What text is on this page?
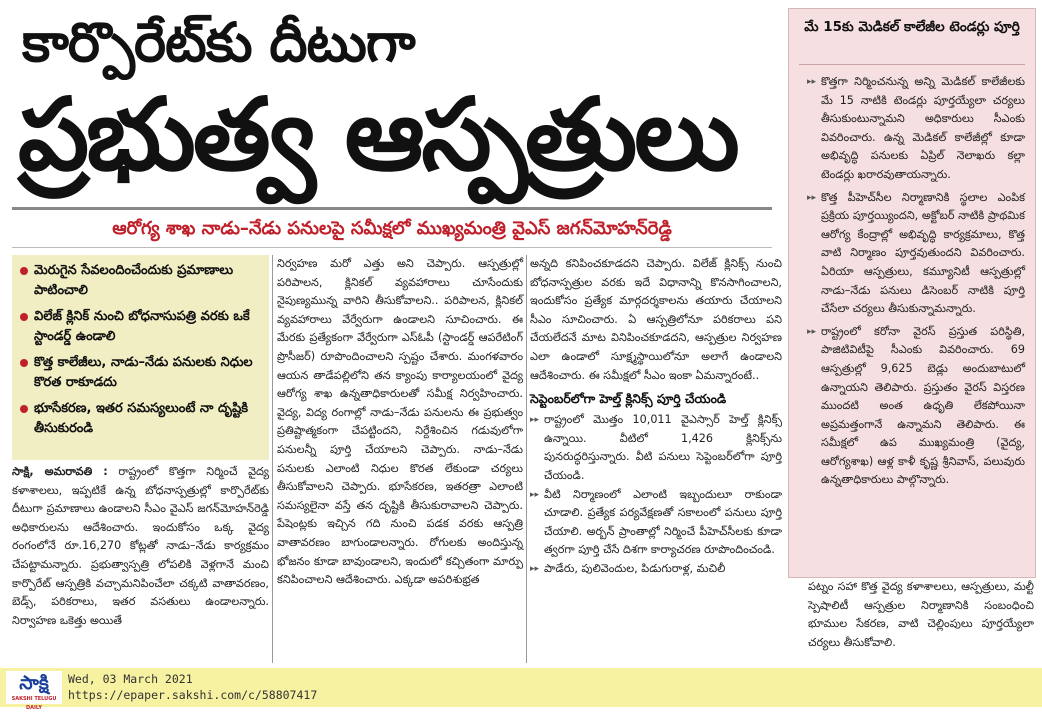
కార్పొరేట్‌కు దీటుగా
ప్రభుత్వ ఆస్పత్రులు
ఆరోగ్య శాఖ నాడు–నేడు పనులపై సమీక్షలో ముఖ్యమంత్రి వైఎస్‌ జగన్‌మోహన్‌రెడ్డి
మెరుగైన సేవలందించేందుకు ప్రమాణాలు పాటించాలి
విలేజ్‌ క్లినిక్‌ నుంచి బోధనాసుపత్రి వరకు ఒకే స్టాండర్డ్‌ ఉండాలి
కొత్త కాలేజీలు, నాడు–నేడు పనులకు నిధుల కొరత రాకూడదు
భూసేకరణ, ఇతర సమస్యలుంటే నా దృష్టికి తీసుకురండి

సాక్షి, అమరావతి : రాష్ట్రంలో కొత్తగా నిర్మించే వైద్య కళాశాలలు, ఇప్పటికే ఉన్న బోధనాస్పత్రుల్లో కార్పొరేట్‌కు దీటుగా ప్రమాణాలు ఉండాలని సీఎం వైఎస్‌ జగన్‌మోహన్‌రెడ్డి అధికారులను ఆదేశించారు. ఇందుకోసం ఒక్క వైద్య రంగంలోనే రూ.16,270 కోట్లతో నాడు–నేడు కార్యక్రమం చేపట్టామన్నారు. ప్రభుత్వాస్పత్రి లోపలికి వెళ్లగానే మంచి కార్పొరేట్‌ ఆస్పత్రికి వచ్చామనిపించేలా చక్కటి వాతావరణం, బెడ్స్‌, పరికరాలు, ఇతర వసతులు ఉండాలన్నారు. నిర్వాహణ ఒకెత్తు అయితే

నిర్వహణ మరో ఎత్తు అని చెప్పారు. ఆస్పత్రుల్లో పరిపాలన, క్లినికల్‌ వ్యవహారాలు చూసేందుకు నైపుణ్యమున్న వారిని తీసుకోవాలని.. పరిపాలన, క్లినికల్‌ వ్యవహారాలు వేర్వేరుగా ఉండాలని సూచించారు. ఈ మేరకు ప్రత్యేకంగా వేర్వేరుగా ఎస్‌ఓపీ (స్టాండర్డ్‌ ఆపరేటింగ్‌ ప్రొసీజర్‌) రూపొందించాలని స్పష్టం చేశారు. మంగళవారం ఆయన తాడేపల్లిలోని తన క్యాంపు కార్యాలయంలో వైద్య ఆరోగ్య శాఖ ఉన్నతాధికారులతో సమీక్ష నిర్వహించారు. వైద్య, విద్య రంగాల్లో నాడు–నేడు పనులను ఈ ప్రభుత్వం ప్రతిష్టాత్మకంగా చేపట్టిందని, నిర్దేశించిన గడువులోగా పనులన్నీ పూర్తి చేయాలని చెప్పారు. నాడు–నేడు పనులకు ఎలాంటి నిధుల కొరత లేకుండా చర్యలు తీసుకోవాలని చెప్పారు. భూసేకరణ, ఇతరత్రా ఎలాంటి సమస్యలైనా వస్తే తన దృష్టికి తీసుకురావాలని చెప్పారు. పేషెంట్లకు ఇచ్చిన గది నుంచి పడక వరకు ఆస్పత్రి వాతావరణం బాగుండాలన్నారు. రోగులకు అందిస్తున్న భోజనం కూడా బావుండాలని, ఇందులో కచ్చితంగా మార్పు కనిపించాలని ఆదేశించారు. ఎక్కడా అపరిశుభ్రత

అన్నది కనిపించకూడదని చెప్పారు. విలేజ్‌ క్లినిక్స్‌ నుంచి బోధనాస్పత్రుల వరకు ఇదే విధానాన్ని కొనసాగించాలని, ఇందుకోసం ప్రత్యేక మార్గదర్శకాలను తయారు చేయాలని సీఎం సూచించారు. ఏ ఆస్పత్రిలోనూ పరికరాలు పని చేయలేదనే మాట వినిపించకూడదని, ఆస్పత్రుల నిర్వహణ ఎలా ఉండాలో సూక్ష్మస్థాయిలోనూ అలాగే ఉండాలని ఆదేశించారు. ఈ సమీక్షలో సీఎం ఇంకా ఏమన్నారంటే..

సెప్టెంబర్‌లోగా హెల్త్‌ క్లినిక్స్‌ పూర్తి చేయండి
▸▸ రాష్ట్రంలో మొత్తం 10,011 వైఎస్సార్‌ హెల్త్‌ క్లినిక్స్‌ ఉన్నాయి. వీటిలో 1,426 క్లినిక్స్‌ను పునరుద్ధరిస్తున్నారు. వీటి పనులు సెప్టెంబర్‌లోగా పూర్తి చేయండి.
▸▸ వీటి నిర్మాణంలో ఎలాంటి ఇబ్బందులూ రాకుండా చూడాలి. ప్రత్యేక పర్యవేక్షణతో సకాలంలో పనులు పూర్తి చేయాలి. అర్బన్‌ ప్రాంతాల్లో నిర్మించే పీహెచ్‌సీలకు కూడా త్వరగా పూర్తి చేసే దిశగా కార్యాచరణ రూపొందించండి.
▸▸ పాడేరు, పులివెందుల, పిడుగురాళ్ల, మచిలీ
మే 15కు మెడికల్‌ కాలేజీల టెండర్లు పూర్తి
▸▸ కొత్తగా నిర్మించనున్న అన్ని మెడికల్‌ కాలేజీలకు మే 15 నాటికి టెండర్లు పూర్తయ్యేలా చర్యలు తీసుకుంటున్నామని అధికారులు సీఎంకు వివరించారు. ఉన్న మెడికల్‌ కాలేజీల్లో కూడా అభివృద్ధి పనులకు ఏప్రిల్‌ నెలాఖరు కల్లా టెండర్లు ఖరారవుతాయన్నారు.
▸▸ కొత్త పీహెచ్‌సీల నిర్మాణానికి స్థలాల ఎంపిక ప్రక్రియ పూర్తయ్యిందని, అక్టోబర్‌ నాటికి ప్రాథమిక ఆరోగ్య కేంద్రాల్లో అభివృద్ధి కార్యక్రమాలు, కొత్త వాటి నిర్మాణం పూర్తవుతుందని వివరించారు. ఏరియా ఆస్పత్రులు, కమ్యూనిటీ ఆస్పత్రుల్లో నాడు–నేడు పనులు డిసెంబర్‌ నాటికి పూర్తి చేసేలా చర్యలు తీసుకున్నామన్నారు.
▸▸ రాష్ట్రంలో కరోనా వైరస్‌ ప్రస్తుత పరిస్థితి, పాజిటివిటీపై సీఎంకు వివరించారు. 69 ఆస్పత్రుల్లో 9,625 బెడ్లు అందుబాటులో ఉన్నాయని తెలిపారు. ప్రస్తుతం వైరస్‌ విస్తరణ ముందటి అంత ఉధృతి లేకపోయినా అప్రమత్తంగానే ఉన్నామని తెలిపారు. ఈ సమీక్షలో ఉప ముఖ్యమంత్రి (వైద్య, ఆరోగ్యశాఖ) ఆళ్ల కాళీ కృష్ణ శ్రీనివాస్‌, పలువురు ఉన్నతాధికారులు పాల్గొన్నారు.

పట్నం సహా కొత్త వైద్య కళాశాలలు, ఆస్పత్రులు, మల్టీ స్పెషాలిటీ ఆస్పత్రుల నిర్మాణానికి సంబంధించి భూముల సేకరణ, వాటి చెల్లింపులు పూర్తయ్యేలా చర్యలు తీసుకోవాలి.

సాక్షి
SAKSHI TELUGU DAILY
Wed, 03 March 2021
https://epaper.sakshi.com/c/58807417
